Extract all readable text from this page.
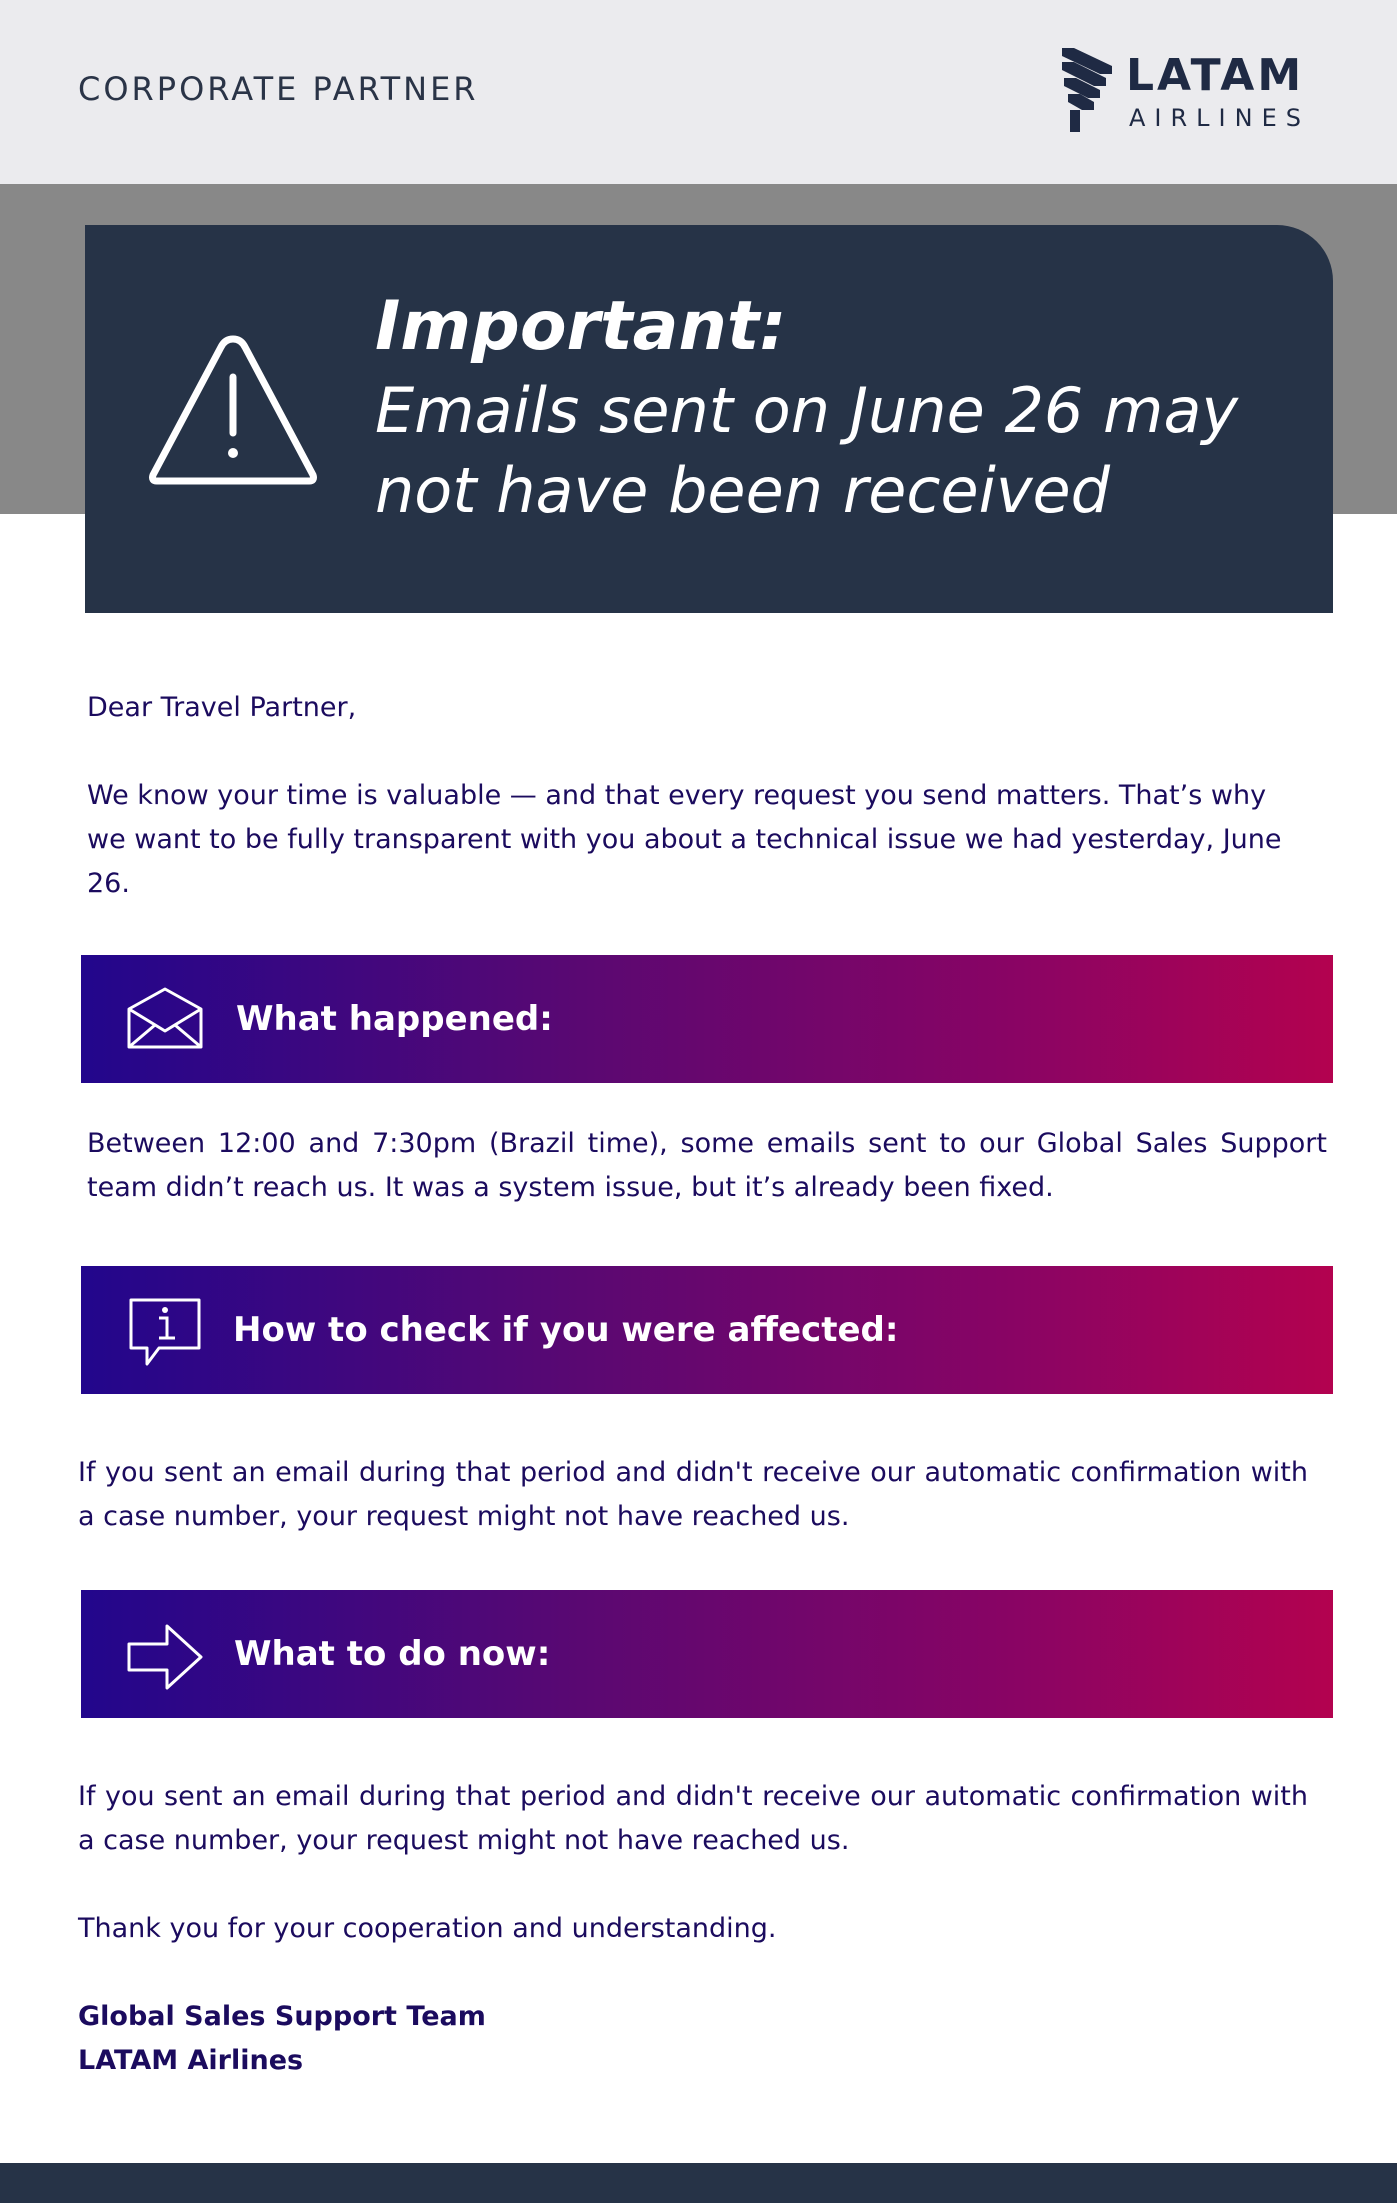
CORPORATE PARTNER	LATAM
AIRLINES
Important:
Emails sent on June 26 may not have been received

Dear Travel Partner,

We know your time is valuable — and that every request you send matters. That’s why we want to be fully transparent with you about a technical issue we had yesterday, June 26.

What happened:

Between 12:00 and 7:30pm (Brazil time), some emails sent to our Global Sales Support team didn’t reach us. It was a system issue, but it’s already been fixed.

How to check if you were affected:

If you sent an email during that period and didn't receive our automatic confirmation with a case number, your request might not have reached us.

What to do now:

If you sent an email during that period and didn't receive our automatic confirmation with a case number, your request might not have reached us.

Thank you for your cooperation and understanding.

Global Sales Support Team

LATAM Airlines
